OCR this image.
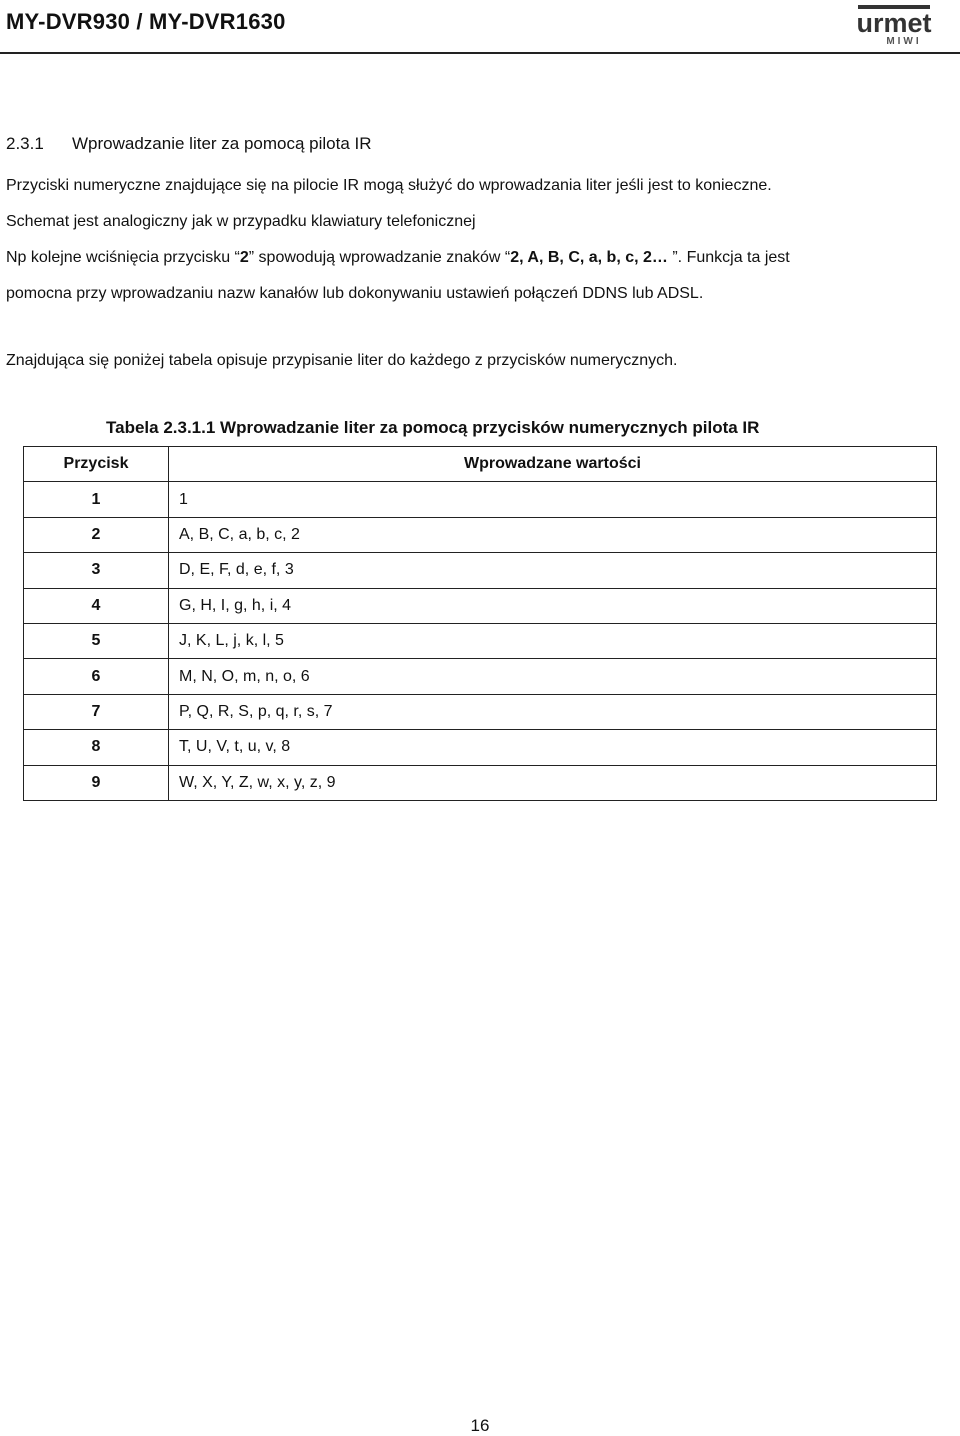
MY-DVR930 / MY-DVR1630	urmet
MIWI
2.3.1 Wprowadzanie liter za pomocą pilota IR
Przyciski numeryczne znajdujące się na pilocie IR mogą służyć do wprowadzania liter jeśli jest to konieczne.
Schemat jest analogiczny jak w przypadku klawiatury telefonicznej
Np kolejne wciśnięcia przycisku “2” spowodują wprowadzanie znaków “2, A, B, C, a, b, c, 2… ”. Funkcja ta jest
pomocna przy wprowadzaniu nazw kanałów lub dokonywaniu ustawień połączeń DDNS lub ADSL.
Znajdująca się poniżej tabela opisuje przypisanie liter do każdego z przycisków numerycznych.
Tabela 2.3.1.1 Wprowadzanie liter za pomocą przycisków numerycznych pilota IR
Przycisk	Wprowadzane wartości
1	1
2	A, B, C, a, b, c, 2
3	D, E, F, d, e, f, 3
4	G, H, I, g, h, i, 4
5	J, K, L, j, k, l, 5
6	M, N, O, m, n, o, 6
7	P, Q, R, S, p, q, r, s, 7
8	T, U, V, t, u, v, 8
9	W, X, Y, Z, w, x, y, z, 9
16
